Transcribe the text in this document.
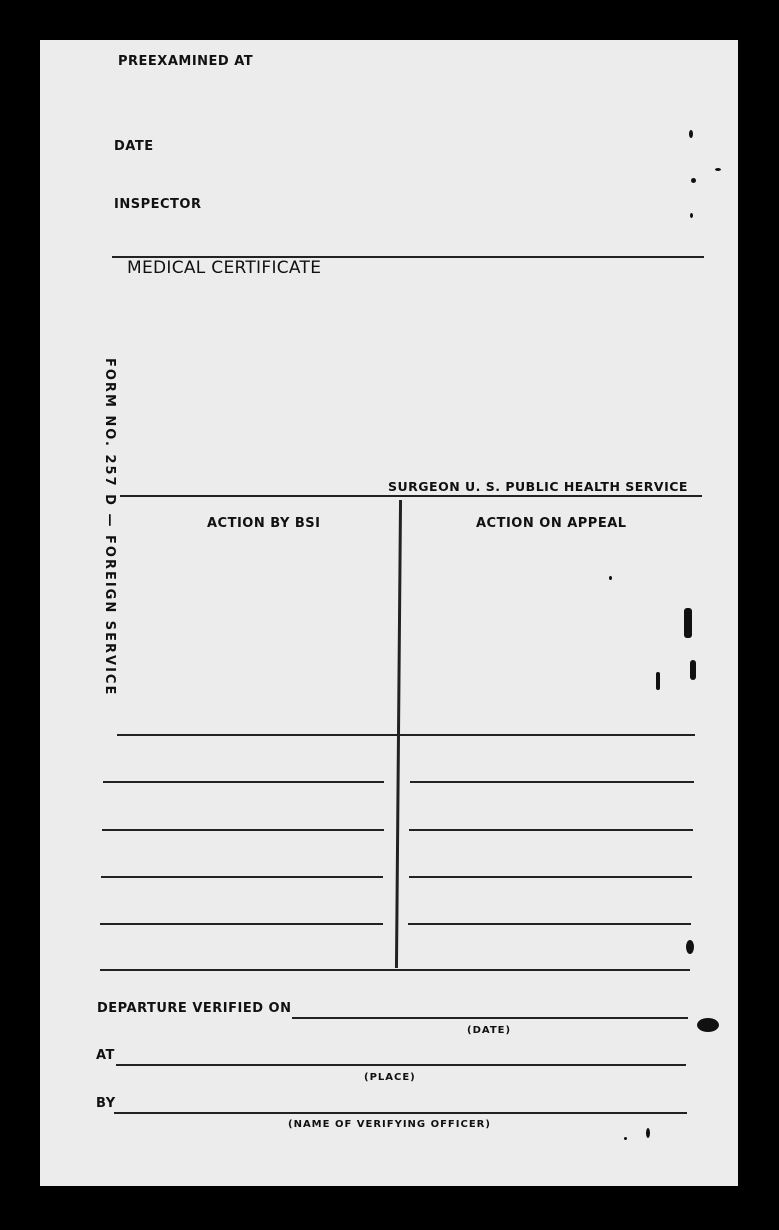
PREEXAMINED AT
DATE
INSPECTOR
MEDICAL CERTIFICATE
SURGEON U. S. PUBLIC HEALTH SERVICE
FORM NO. 257 D — FOREIGN SERVICE	ACTION BY BSI	ACTION ON APPEAL
DEPARTURE VERIFIED ON
(DATE)
AT
(PLACE)
BY
(NAME OF VERIFYING OFFICER)
